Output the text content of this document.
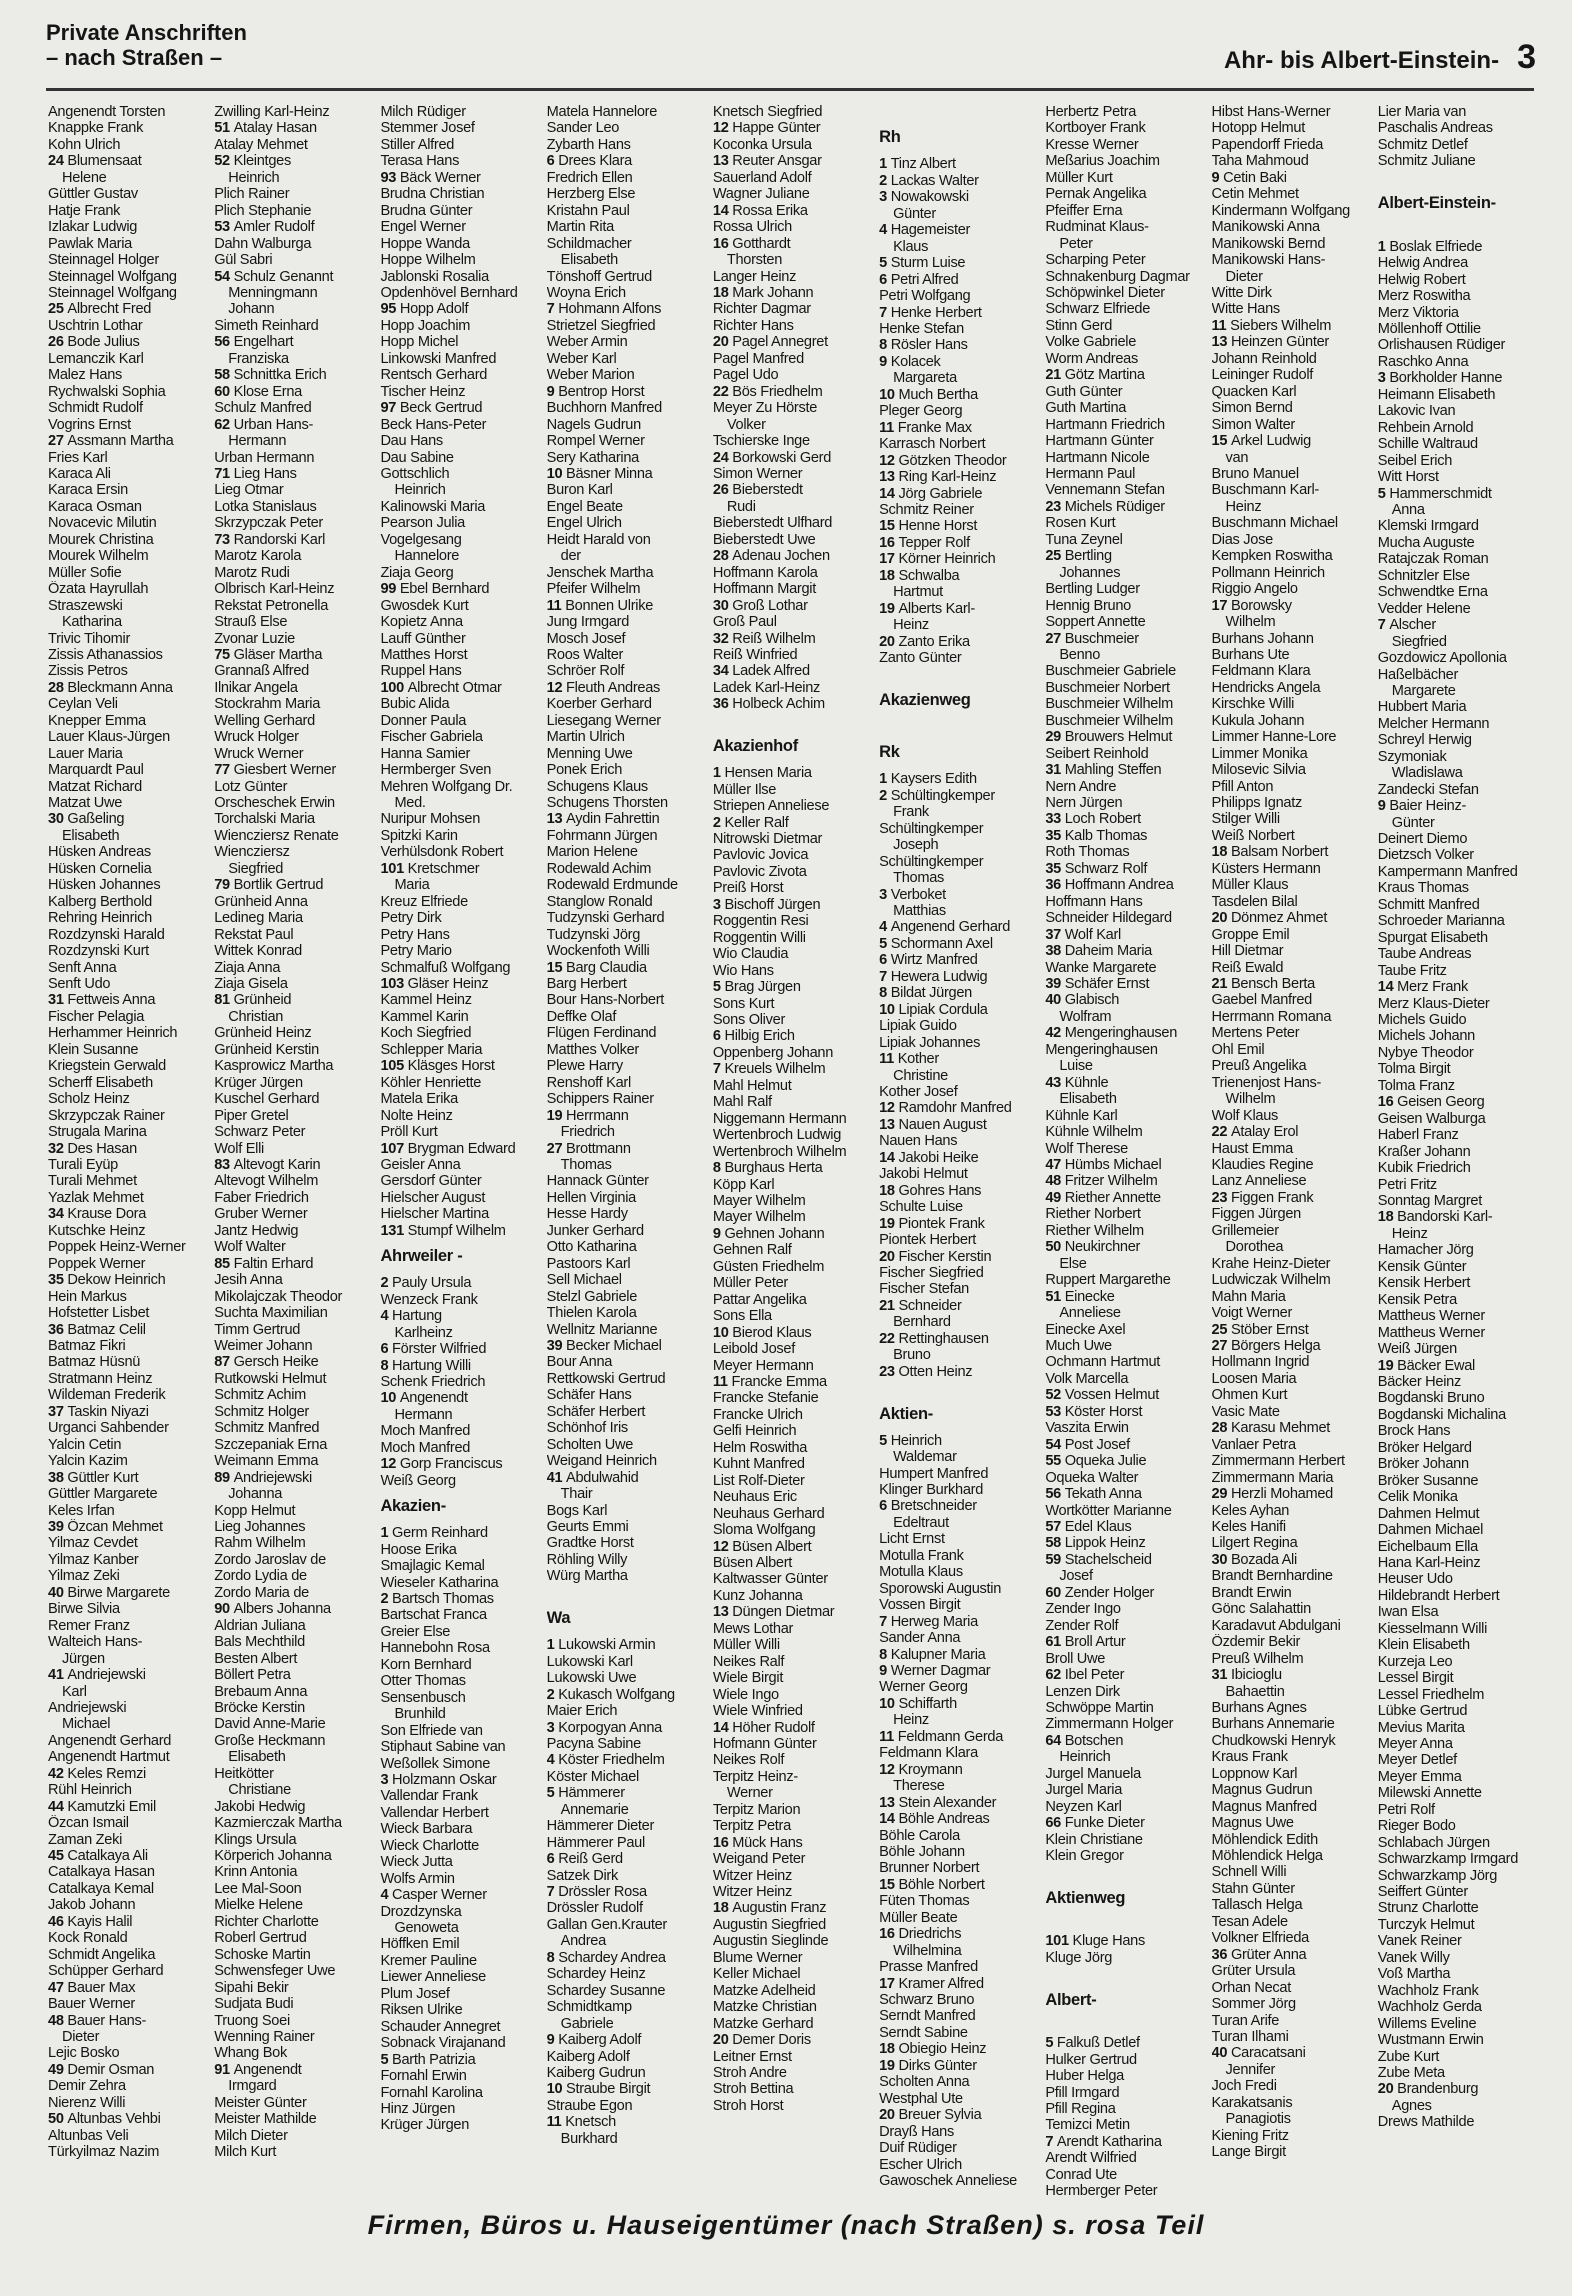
Private Anschriften
– nach Straßen –	Ahr- bis Albert-Einstein- 3
Angenendt Torsten
Knappke Frank
Kohn Ulrich
24 Blumensaat
Helene
Güttler Gustav
Hatje Frank
Izlakar Ludwig
Pawlak Maria
Steinnagel Holger
Steinnagel Wolfgang
Steinnagel Wolfgang
25 Albrecht Fred
Uschtrin Lothar
26 Bode Julius
Lemanczik Karl
Malez Hans
Rychwalski Sophia
Schmidt Rudolf
Vogrins Ernst
27 Assmann Martha
Fries Karl
Karaca Ali
Karaca Ersin
Karaca Osman
Novacevic Milutin
Mourek Christina
Mourek Wilhelm
Müller Sofie
Özata Hayrullah
Straszewski
Katharina
Trivic Tihomir
Zissis Athanassios
Zissis Petros
28 Bleckmann Anna
Ceylan Veli
Knepper Emma
Lauer Klaus-Jürgen
Lauer Maria
Marquardt Paul
Matzat Richard
Matzat Uwe
30 Gaßeling
Elisabeth
Hüsken Andreas
Hüsken Cornelia
Hüsken Johannes
Kalberg Berthold
Rehring Heinrich
Rozdzynski Harald
Rozdzynski Kurt
Senft Anna
Senft Udo
31 Fettweis Anna
Fischer Pelagia
Herhammer Heinrich
Klein Susanne
Kriegstein Gerwald
Scherff Elisabeth
Scholz Heinz
Skrzypczak Rainer
Strugala Marina
32 Des Hasan
Turali Eyüp
Turali Mehmet
Yazlak Mehmet
34 Krause Dora
Kutschke Heinz
Poppek Heinz-Werner
Poppek Werner
35 Dekow Heinrich
Hein Markus
Hofstetter Lisbet
36 Batmaz Celil
Batmaz Fikri
Batmaz Hüsnü
Stratmann Heinz
Wildeman Frederik
37 Taskin Niyazi
Urganci Sahbender
Yalcin Cetin
Yalcin Kazim
38 Güttler Kurt
Güttler Margarete
Keles Irfan
39 Özcan Mehmet
Yilmaz Cevdet
Yilmaz Kanber
Yilmaz Zeki
40 Birwe Margarete
Birwe Silvia
Remer Franz
Walteich Hans-
Jürgen
41 Andriejewski
Karl
Andriejewski
Michael
Angenendt Gerhard
Angenendt Hartmut
42 Keles Remzi
Rühl Heinrich
44 Kamutzki Emil
Özcan Ismail
Zaman Zeki
45 Catalkaya Ali
Catalkaya Hasan
Catalkaya Kemal
Jakob Johann
46 Kayis Halil
Kock Ronald
Schmidt Angelika
Schüpper Gerhard
47 Bauer Max
Bauer Werner
48 Bauer Hans-
Dieter
Lejic Bosko
49 Demir Osman
Demir Zehra
Nierenz Willi
50 Altunbas Vehbi
Altunbas Veli
Türkyilmaz Nazim
Zwilling Karl-Heinz
51 Atalay Hasan
Atalay Mehmet
52 Kleintges
Heinrich
Plich Rainer
Plich Stephanie
53 Amler Rudolf
Dahn Walburga
Gül Sabri
54 Schulz Genannt
Menningmann
Johann
Simeth Reinhard
56 Engelhart
Franziska
58 Schnittka Erich
60 Klose Erna
Schulz Manfred
62 Urban Hans-
Hermann
Urban Hermann
71 Lieg Hans
Lieg Otmar
Lotka Stanislaus
Skrzypczak Peter
73 Randorski Karl
Marotz Karola
Marotz Rudi
Olbrisch Karl-Heinz
Rekstat Petronella
Strauß Else
Zvonar Luzie
75 Gläser Martha
Grannaß Alfred
Ilnikar Angela
Stockrahm Maria
Welling Gerhard
Wruck Holger
Wruck Werner
77 Giesbert Werner
Lotz Günter
Orscheschek Erwin
Torchalski Maria
Wiencziersz Renate
Wiencziersz
Siegfried
79 Bortlik Gertrud
Grünheid Anna
Ledineg Maria
Rekstat Paul
Wittek Konrad
Ziaja Anna
Ziaja Gisela
81 Grünheid
Christian
Grünheid Heinz
Grünheid Kerstin
Kasprowicz Martha
Krüger Jürgen
Kuschel Gerhard
Piper Gretel
Schwarz Peter
Wolf Elli
83 Altevogt Karin
Altevogt Wilhelm
Faber Friedrich
Gruber Werner
Jantz Hedwig
Wolf Walter
85 Faltin Erhard
Jesih Anna
Mikolajczak Theodor
Suchta Maximilian
Timm Gertrud
Weimer Johann
87 Gersch Heike
Rutkowski Helmut
Schmitz Achim
Schmitz Holger
Schmitz Manfred
Szczepaniak Erna
Weimann Emma
89 Andriejewski
Johanna
Kopp Helmut
Lieg Johannes
Rahm Wilhelm
Zordo Jaroslav de
Zordo Lydia de
Zordo Maria de
90 Albers Johanna
Aldrian Juliana
Bals Mechthild
Besten Albert
Böllert Petra
Brebaum Anna
Bröcke Kerstin
David Anne-Marie
Große Heckmann
Elisabeth
Heitkötter
Christiane
Jakobi Hedwig
Kazmierczak Martha
Klings Ursula
Körperich Johanna
Krinn Antonia
Lee Mal-Soon
Mielke Helene
Richter Charlotte
Roberl Gertrud
Schoske Martin
Schwensfeger Uwe
Sipahi Bekir
Sudjata Budi
Truong Soei
Wenning Rainer
Whang Bok
91 Angenendt
Irmgard
Meister Günter
Meister Mathilde
Milch Dieter
Milch Kurt
Milch Rüdiger
Stemmer Josef
Stiller Alfred
Terasa Hans
93 Bäck Werner
Brudna Christian
Brudna Günter
Engel Werner
Hoppe Wanda
Hoppe Wilhelm
Jablonski Rosalia
Opdenhövel Bernhard
95 Hopp Adolf
Hopp Joachim
Hopp Michel
Linkowski Manfred
Rentsch Gerhard
Tischer Heinz
97 Beck Gertrud
Beck Hans-Peter
Dau Hans
Dau Sabine
Gottschlich
Heinrich
Kalinowski Maria
Pearson Julia
Vogelgesang
Hannelore
Ziaja Georg
99 Ebel Bernhard
Gwosdek Kurt
Kopietz Anna
Lauff Günther
Matthes Horst
Ruppel Hans
100 Albrecht Otmar
Bubic Alida
Donner Paula
Fischer Gabriela
Hanna Samier
Hermberger Sven
Mehren Wolfgang Dr.
Med.
Nuripur Mohsen
Spitzki Karin
Verhülsdonk Robert
101 Kretschmer
Maria
Kreuz Elfriede
Petry Dirk
Petry Hans
Petry Mario
Schmalfuß Wolfgang
103 Gläser Heinz
Kammel Heinz
Kammel Karin
Koch Siegfried
Schlepper Maria
105 Kläsges Horst
Köhler Henriette
Matela Erika
Nolte Heinz
Pröll Kurt
107 Brygman Edward
Geisler Anna
Gersdorf Günter
Hielscher August
Hielscher Martina
131 Stumpf Wilhelm
Ahrweiler -
2 Pauly Ursula
Wenzeck Frank
4 Hartung
Karlheinz
6 Förster Wilfried
8 Hartung Willi
Schenk Friedrich
10 Angenendt
Hermann
Moch Manfred
Moch Manfred
12 Gorp Franciscus
Weiß Georg
Akazien-
1 Germ Reinhard
Hoose Erika
Smajlagic Kemal
Wieseler Katharina
2 Bartsch Thomas
Bartschat Franca
Greier Else
Hannebohn Rosa
Korn Bernhard
Otter Thomas
Sensenbusch
Brunhild
Son Elfriede van
Stiphaut Sabine van
Weßollek Simone
3 Holzmann Oskar
Vallendar Frank
Vallendar Herbert
Wieck Barbara
Wieck Charlotte
Wieck Jutta
Wolfs Armin
4 Casper Werner
Drozdzynska
Genoweta
Höffken Emil
Kremer Pauline
Liewer Anneliese
Plum Josef
Riksen Ulrike
Schauder Annegret
Sobnack Virajanand
5 Barth Patrizia
Fornahl Erwin
Fornahl Karolina
Hinz Jürgen
Krüger Jürgen
Matela Hannelore
Sander Leo
Zybarth Hans
6 Drees Klara
Fredrich Ellen
Herzberg Else
Kristahn Paul
Martin Rita
Schildmacher
Elisabeth
Tönshoff Gertrud
Woyna Erich
7 Hohmann Alfons
Strietzel Siegfried
Weber Armin
Weber Karl
Weber Marion
9 Bentrop Horst
Buchhorn Manfred
Nagels Gudrun
Rompel Werner
Sery Katharina
10 Bäsner Minna
Buron Karl
Engel Beate
Engel Ulrich
Heidt Harald von
der
Jenschek Martha
Pfeifer Wilhelm
11 Bonnen Ulrike
Jung Irmgard
Mosch Josef
Roos Walter
Schröer Rolf
12 Fleuth Andreas
Koerber Gerhard
Liesegang Werner
Martin Ulrich
Menning Uwe
Ponek Erich
Schugens Klaus
Schugens Thorsten
13 Aydin Fahrettin
Fohrmann Jürgen
Marion Helene
Rodewald Achim
Rodewald Erdmunde
Stanglow Ronald
Tudzynski Gerhard
Tudzynski Jörg
Wockenfoth Willi
15 Barg Claudia
Barg Herbert
Bour Hans-Norbert
Deffke Olaf
Flügen Ferdinand
Matthes Volker
Plewe Harry
Renshoff Karl
Schippers Rainer
19 Herrmann
Friedrich
27 Brottmann
Thomas
Hannack Günter
Hellen Virginia
Hesse Hardy
Junker Gerhard
Otto Katharina
Pastoors Karl
Sell Michael
Stelzl Gabriele
Thielen Karola
Wellnitz Marianne
39 Becker Michael
Bour Anna
Rettkowski Gertrud
Schäfer Hans
Schäfer Herbert
Schönhof Iris
Scholten Uwe
Weigand Heinrich
41 Abdulwahid
Thair
Bogs Karl
Geurts Emmi
Gradtke Horst
Röhling Willy
Würg Martha

Wa
1 Lukowski Armin
Lukowski Karl
Lukowski Uwe
2 Kukasch Wolfgang
Maier Erich
3 Korpogyan Anna
Pacyna Sabine
4 Köster Friedhelm
Köster Michael
5 Hämmerer
Annemarie
Hämmerer Dieter
Hämmerer Paul
6 Reiß Gerd
Satzek Dirk
7 Drössler Rosa
Drössler Rudolf
Gallan Gen.Krauter
Andrea
8 Schardey Andrea
Schardey Heinz
Schardey Susanne
Schmidtkamp
Gabriele
9 Kaiberg Adolf
Kaiberg Adolf
Kaiberg Gudrun
10 Straube Birgit
Straube Egon
11 Knetsch
Burkhard
Knetsch Siegfried
12 Happe Günter
Koconka Ursula
13 Reuter Ansgar
Sauerland Adolf
Wagner Juliane
14 Rossa Erika
Rossa Ulrich
16 Gotthardt
Thorsten
Langer Heinz
18 Mark Johann
Richter Dagmar
Richter Hans
20 Pagel Annegret
Pagel Manfred
Pagel Udo
22 Bös Friedhelm
Meyer Zu Hörste
Volker
Tschierske Inge
24 Borkowski Gerd
Simon Werner
26 Bieberstedt
Rudi
Bieberstedt Ulfhard
Bieberstedt Uwe
28 Adenau Jochen
Hoffmann Karola
Hoffmann Margit
30 Groß Lothar
Groß Paul
32 Reiß Wilhelm
Reiß Winfried
34 Ladek Alfred
Ladek Karl-Heinz
36 Holbeck Achim

Akazienhof
1 Hensen Maria
Müller Ilse
Striepen Anneliese
2 Keller Ralf
Nitrowski Dietmar
Pavlovic Jovica
Pavlovic Zivota
Preiß Horst
3 Bischoff Jürgen
Roggentin Resi
Roggentin Willi
Wio Claudia
Wio Hans
5 Brag Jürgen
Sons Kurt
Sons Oliver
6 Hilbig Erich
Oppenberg Johann
7 Kreuels Wilhelm
Mahl Helmut
Mahl Ralf
Niggemann Hermann
Wertenbroch Ludwig
Wertenbroch Wilhelm
8 Burghaus Herta
Köpp Karl
Mayer Wilhelm
Mayer Wilhelm
9 Gehnen Johann
Gehnen Ralf
Güsten Friedhelm
Müller Peter
Pattar Angelika
Sons Ella
10 Bierod Klaus
Leibold Josef
Meyer Hermann
11 Francke Emma
Francke Stefanie
Francke Ulrich
Gelfi Heinrich
Helm Roswitha
Kuhnt Manfred
List Rolf-Dieter
Neuhaus Eric
Neuhaus Gerhard
Sloma Wolfgang
12 Büsen Albert
Büsen Albert
Kaltwasser Günter
Kunz Johanna
13 Düngen Dietmar
Mews Lothar
Müller Willi
Neikes Ralf
Wiele Birgit
Wiele Ingo
Wiele Winfried
14 Höher Rudolf
Hofmann Günter
Neikes Rolf
Terpitz Heinz-
Werner
Terpitz Marion
Terpitz Petra
16 Mück Hans
Weigand Peter
Witzer Heinz
Witzer Heinz
18 Augustin Franz
Augustin Siegfried
Augustin Sieglinde
Blume Werner
Keller Michael
Matzke Adelheid
Matzke Christian
Matzke Gerhard
20 Demer Doris
Leitner Ernst
Stroh Andre
Stroh Bettina
Stroh Horst

Rh
1 Tinz Albert
2 Lackas Walter
3 Nowakowski
Günter
4 Hagemeister
Klaus
5 Sturm Luise
6 Petri Alfred
Petri Wolfgang
7 Henke Herbert
Henke Stefan
8 Rösler Hans
9 Kolacek
Margareta
10 Much Bertha
Pleger Georg
11 Franke Max
Karrasch Norbert
12 Götzken Theodor
13 Ring Karl-Heinz
14 Jörg Gabriele
Schmitz Reiner
15 Henne Horst
16 Tepper Rolf
17 Körner Heinrich
18 Schwalba
Hartmut
19 Alberts Karl-
Heinz
20 Zanto Erika
Zanto Günter

Akazienweg

Rk
1 Kaysers Edith
2 Schültingkemper
Frank
Schültingkemper
Joseph
Schültingkemper
Thomas
3 Verboket
Matthias
4 Angenend Gerhard
5 Schormann Axel
6 Wirtz Manfred
7 Hewera Ludwig
8 Bildat Jürgen
10 Lipiak Cordula
Lipiak Guido
Lipiak Johannes
11 Kother
Christine
Kother Josef
12 Ramdohr Manfred
13 Nauen August
Nauen Hans
14 Jakobi Heike
Jakobi Helmut
18 Gohres Hans
Schulte Luise
19 Piontek Frank
Piontek Herbert
20 Fischer Kerstin
Fischer Siegfried
Fischer Stefan
21 Schneider
Bernhard
22 Rettinghausen
Bruno
23 Otten Heinz

Aktien-
5 Heinrich
Waldemar
Humpert Manfred
Klinger Burkhard
6 Bretschneider
Edeltraut
Licht Ernst
Motulla Frank
Motulla Klaus
Sporowski Augustin
Vossen Birgit
7 Herweg Maria
Sander Anna
8 Kalupner Maria
9 Werner Dagmar
Werner Georg
10 Schiffarth
Heinz
11 Feldmann Gerda
Feldmann Klara
12 Kroymann
Therese
13 Stein Alexander
14 Böhle Andreas
Böhle Carola
Böhle Johann
Brunner Norbert
15 Böhle Norbert
Füten Thomas
Müller Beate
16 Driedrichs
Wilhelmina
Prasse Manfred
17 Kramer Alfred
Schwarz Bruno
Serndt Manfred
Serndt Sabine
18 Obiegio Heinz
19 Dirks Günter
Scholten Anna
Westphal Ute
20 Breuer Sylvia
Drayß Hans
Duif Rüdiger
Escher Ulrich
Gawoschek Anneliese
Herbertz Petra
Kortboyer Frank
Kresse Werner
Meßarius Joachim
Müller Kurt
Pernak Angelika
Pfeiffer Erna
Rudminat Klaus-
Peter
Scharping Peter
Schnakenburg Dagmar
Schöpwinkel Dieter
Schwarz Elfriede
Stinn Gerd
Volke Gabriele
Worm Andreas
21 Götz Martina
Guth Günter
Guth Martina
Hartmann Friedrich
Hartmann Günter
Hartmann Nicole
Hermann Paul
Vennemann Stefan
23 Michels Rüdiger
Rosen Kurt
Tuna Zeynel
25 Bertling
Johannes
Bertling Ludger
Hennig Bruno
Soppert Annette
27 Buschmeier
Benno
Buschmeier Gabriele
Buschmeier Norbert
Buschmeier Wilhelm
Buschmeier Wilhelm
29 Brouwers Helmut
Seibert Reinhold
31 Mahling Steffen
Nern Andre
Nern Jürgen
33 Loch Robert
35 Kalb Thomas
Roth Thomas
35 Schwarz Rolf
36 Hoffmann Andrea
Hoffmann Hans
Schneider Hildegard
37 Wolf Karl
38 Daheim Maria
Wanke Margarete
39 Schäfer Ernst
40 Glabisch
Wolfram
42 Mengeringhausen
Mengeringhausen
Luise
43 Kühnle
Elisabeth
Kühnle Karl
Kühnle Wilhelm
Wolf Therese
47 Hümbs Michael
48 Fritzer Wilhelm
49 Riether Annette
Riether Norbert
Riether Wilhelm
50 Neukirchner
Else
Ruppert Margarethe
51 Einecke
Anneliese
Einecke Axel
Much Uwe
Ochmann Hartmut
Volk Marcella
52 Vossen Helmut
53 Köster Horst
Vaszita Erwin
54 Post Josef
55 Oqueka Julie
Oqueka Walter
56 Tekath Anna
Wortkötter Marianne
57 Edel Klaus
58 Lippok Heinz
59 Stachelscheid
Josef
60 Zender Holger
Zender Ingo
Zender Rolf
61 Broll Artur
Broll Uwe
62 Ibel Peter
Lenzen Dirk
Schwöppe Martin
Zimmermann Holger
64 Botschen
Heinrich
Jurgel Manuela
Jurgel Maria
Neyzen Karl
66 Funke Dieter
Klein Christiane
Klein Gregor

Aktienweg

101 Kluge Hans
Kluge Jörg

Albert-

5 Falkuß Detlef
Hulker Gertrud
Huber Helga
Pfill Irmgard
Pfill Regina
Temizci Metin
7 Arendt Katharina
Arendt Wilfried
Conrad Ute
Hermberger Peter
Hibst Hans-Werner
Hotopp Helmut
Papendorff Frieda
Taha Mahmoud
9 Cetin Baki
Cetin Mehmet
Kindermann Wolfgang
Manikowski Anna
Manikowski Bernd
Manikowski Hans-
Dieter
Witte Dirk
Witte Hans
11 Siebers Wilhelm
13 Heinzen Günter
Johann Reinhold
Leininger Rudolf
Quacken Karl
Simon Bernd
Simon Walter
15 Arkel Ludwig
van
Bruno Manuel
Buschmann Karl-
Heinz
Buschmann Michael
Dias Jose
Kempken Roswitha
Pollmann Heinrich
Riggio Angelo
17 Borowsky
Wilhelm
Burhans Johann
Burhans Ute
Feldmann Klara
Hendricks Angela
Kirschke Willi
Kukula Johann
Limmer Hanne-Lore
Limmer Monika
Milosevic Silvia
Pfill Anton
Philipps Ignatz
Stilger Willi
Weiß Norbert
18 Balsam Norbert
Küsters Hermann
Müller Klaus
Tasdelen Bilal
20 Dönmez Ahmet
Groppe Emil
Hill Dietmar
Reiß Ewald
21 Bensch Berta
Gaebel Manfred
Herrmann Romana
Mertens Peter
Ohl Emil
Preuß Angelika
Trienenjost Hans-
Wilhelm
Wolf Klaus
22 Atalay Erol
Haust Emma
Klaudies Regine
Lanz Anneliese
23 Figgen Frank
Figgen Jürgen
Grillemeier
Dorothea
Krahe Heinz-Dieter
Ludwiczak Wilhelm
Mahn Maria
Voigt Werner
25 Stöber Ernst
27 Börgers Helga
Hollmann Ingrid
Loosen Maria
Ohmen Kurt
Vasic Mate
28 Karasu Mehmet
Vanlaer Petra
Zimmermann Herbert
Zimmermann Maria
29 Herzli Mohamed
Keles Ayhan
Keles Hanifi
Lilgert Regina
30 Bozada Ali
Brandt Bernhardine
Brandt Erwin
Gönc Salahattin
Karadavut Abdulgani
Özdemir Bekir
Preuß Wilhelm
31 Ibicioglu
Bahaettin
Burhans Agnes
Burhans Annemarie
Chudkowski Henryk
Kraus Frank
Loppnow Karl
Magnus Gudrun
Magnus Manfred
Magnus Uwe
Möhlendick Edith
Möhlendick Helga
Schnell Willi
Stahn Günter
Tallasch Helga
Tesan Adele
Volkner Elfrieda
36 Grüter Anna
Grüter Ursula
Orhan Necat
Sommer Jörg
Turan Arife
Turan Ilhami
40 Caracatsani
Jennifer
Joch Fredi
Karakatsanis
Panagiotis
Kiening Fritz
Lange Birgit
Lier Maria van
Paschalis Andreas
Schmitz Detlef
Schmitz Juliane

Albert-Einstein-

1 Boslak Elfriede
Helwig Andrea
Helwig Robert
Merz Roswitha
Merz Viktoria
Möllenhoff Ottilie
Orlishausen Rüdiger
Raschko Anna
3 Borkholder Hanne
Heimann Elisabeth
Lakovic Ivan
Rehbein Arnold
Schille Waltraud
Seibel Erich
Witt Horst
5 Hammerschmidt
Anna
Klemski Irmgard
Mucha Auguste
Ratajczak Roman
Schnitzler Else
Schwendtke Erna
Vedder Helene
7 Alscher
Siegfried
Gozdowicz Apollonia
Haßelbächer
Margarete
Hubbert Maria
Melcher Hermann
Schreyl Herwig
Szymoniak
Wladislawa
Zandecki Stefan
9 Baier Heinz-
Günter
Deinert Diemo
Dietzsch Volker
Kampermann Manfred
Kraus Thomas
Schmitt Manfred
Schroeder Marianna
Spurgat Elisabeth
Taube Andreas
Taube Fritz
14 Merz Frank
Merz Klaus-Dieter
Michels Guido
Michels Johann
Nybye Theodor
Tolma Birgit
Tolma Franz
16 Geisen Georg
Geisen Walburga
Haberl Franz
Kraßer Johann
Kubik Friedrich
Petri Fritz
Sonntag Margret
18 Bandorski Karl-
Heinz
Hamacher Jörg
Kensik Günter
Kensik Herbert
Kensik Petra
Mattheus Werner
Mattheus Werner
Weiß Jürgen
19 Bäcker Ewal
Bäcker Heinz
Bogdanski Bruno
Bogdanski Michalina
Brock Hans
Bröker Helgard
Bröker Johann
Bröker Susanne
Celik Monika
Dahmen Helmut
Dahmen Michael
Eichelbaum Ella
Hana Karl-Heinz
Heuser Udo
Hildebrandt Herbert
Iwan Elsa
Kiesselmann Willi
Klein Elisabeth
Kurzeja Leo
Lessel Birgit
Lessel Friedhelm
Lübke Gertrud
Mevius Marita
Meyer Anna
Meyer Detlef
Meyer Emma
Milewski Annette
Petri Rolf
Rieger Bodo
Schlabach Jürgen
Schwarzkamp Irmgard
Schwarzkamp Jörg
Seiffert Günter
Strunz Charlotte
Turczyk Helmut
Vanek Reiner
Vanek Willy
Voß Martha
Wachholz Frank
Wachholz Gerda
Willems Eveline
Wustmann Erwin
Zube Kurt
Zube Meta
20 Brandenburg
Agnes
Drews Mathilde
Firmen, Büros u. Hauseigentümer (nach Straßen) s. rosa Teil
